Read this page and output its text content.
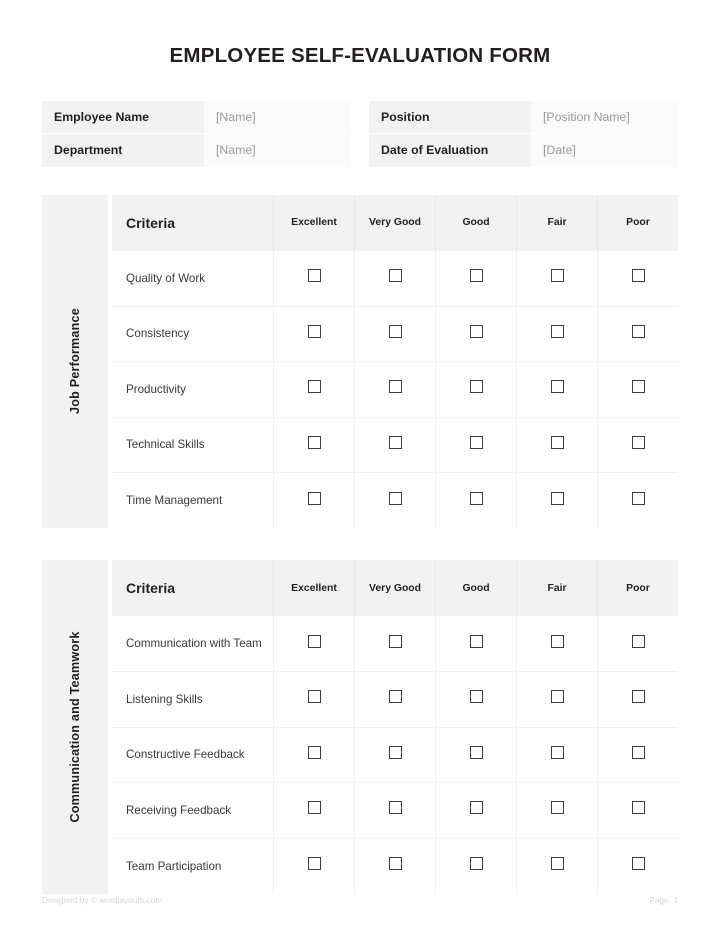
EMPLOYEE SELF-EVALUATION FORM
Employee Name	[Name]
Department	[Name]
Position	[Position Name]
Date of Evaluation	[Date]
Job Performance
Criteria	Excellent	Very Good	Good	Fair	Poor
Quality of Work					
Consistency					
Productivity					
Technical Skills					
Time Management					
Communication and Teamwork
Criteria	Excellent	Very Good	Good	Fair	Poor
Communication with Team					
Listening Skills					
Constructive Feedback					
Receiving Feedback					
Team Participation					
Designed by © wordlayouts.com	Page. 1
